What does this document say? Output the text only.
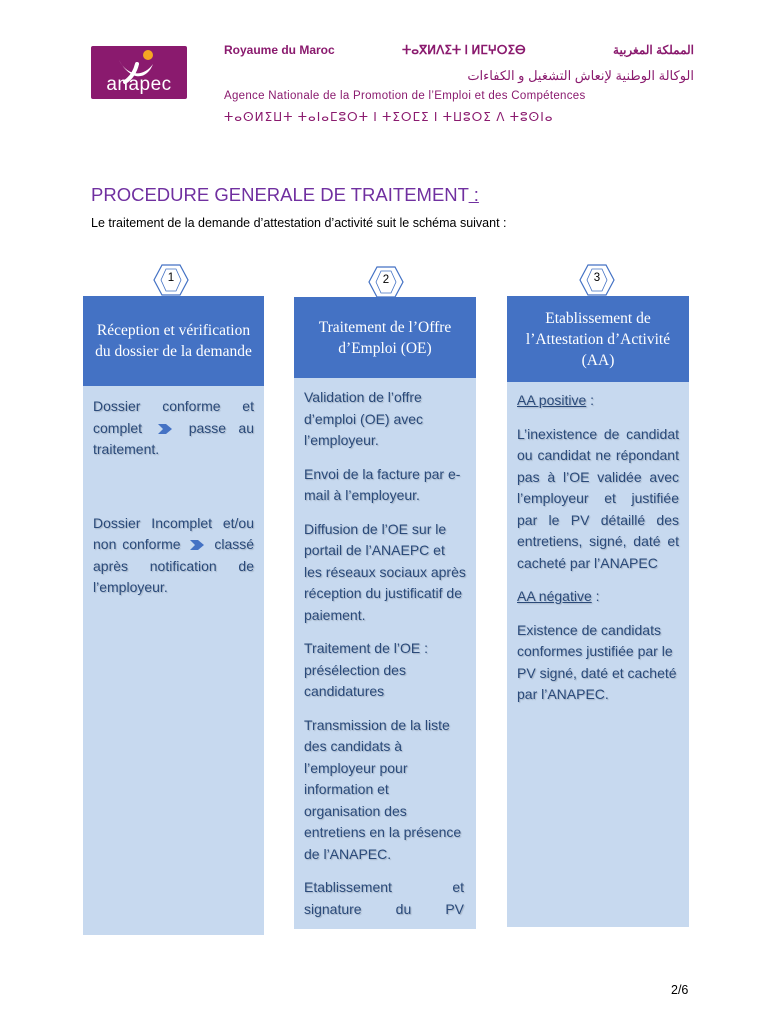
anapec
Royaume du Maroc	ⵜⴰⴳⵍⴷⵉⵜ ⵏ ⵍⵎⵖⵔⵉⴱ	المملكة المغربية
الوكالة الوطنية لإنعاش التشغيل و الكفاءات
Agence Nationale de la Promotion de l’Emploi et des Compétences
ⵜⴰⵙⵍⵉⵡⵜ ⵜⴰⵏⴰⵎⵓⵔⵜ ⵏ ⵜⵉⵔⵎⵉ ⵏ ⵜⵡⵓⵔⵉ ⴷ ⵜⵓⵙⵏⴰ
PROCEDURE GENERALE DE TRAITEMENT :
Le traitement de la demande d’attestation d’activité suit le schéma suivant :
1	2	3
Réception et vérification du dossier de la demande

Dossier conforme et complet	passe au traitement.

Dossier Incomplet et/ou non conforme classé après notification de l’employeur.

Traitement de l’Offre d’Emploi (OE)

Validation de l’offre d’emploi (OE) avec l’employeur.

Envoi de la facture par e-mail à l’employeur.

Diffusion de l’OE sur le portail de l’ANAEPC et les réseaux sociaux après réception du justificatif de paiement.

Traitement de l’OE : présélection des candidatures

Transmission de la liste des candidats à l’employeur pour information et organisation des entretiens en la présence de l’ANAPEC.

Etablissement et signature du PV

Etablissement de l’Attestation d’Activité (AA)

AA positive :

L’inexistence de candidat ou candidat ne répondant pas à l’OE validée avec l’employeur et justifiée par le PV détaillé des entretiens, signé, daté et cacheté par l’ANAPEC

AA négative :

Existence de candidats conformes justifiée par le PV signé, daté et cacheté par l’ANAPEC.

2/6
